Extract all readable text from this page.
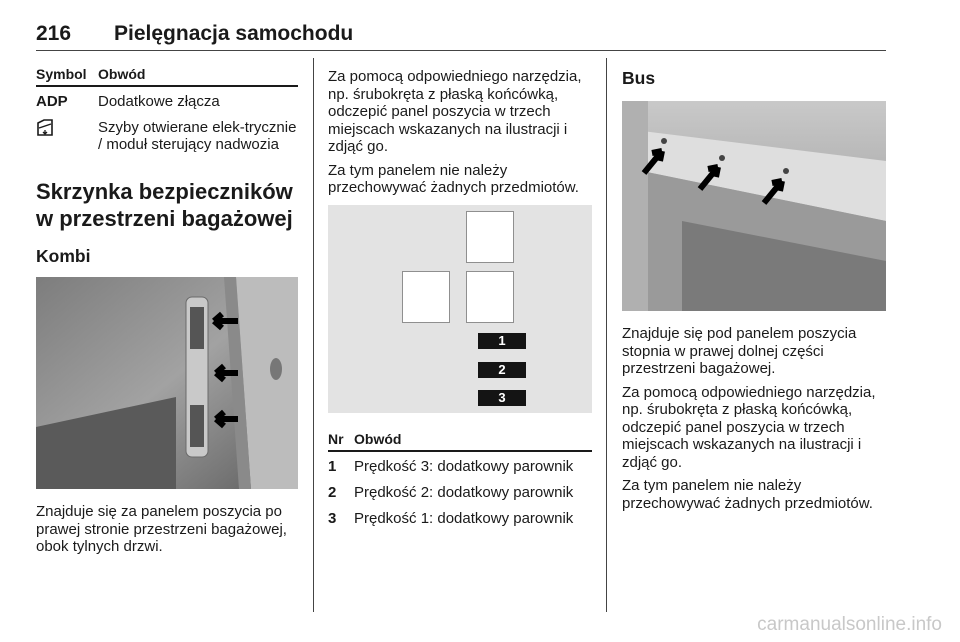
216 Pielęgnacja samochodu
Symbol	Obwód
ADP	Dodatkowe złącza
	Szyby otwierane elek-trycznie / moduł sterujący nadwozia
Skrzynka bezpieczników w przestrzeni bagażowej
Kombi

Znajduje się za panelem poszycia po prawej stronie przestrzeni bagażowej, obok tylnych drzwi.

Za pomocą odpowiedniego narzędzia, np. śrubokręta z płaską końcówką, odczepić panel poszycia w trzech miejscach wskazanych na ilustracji i zdjąć go.

Za tym panelem nie należy przechowywać żadnych przedmiotów.

1
2
3
Nr	Obwód
1	Prędkość 3: dodatkowy parownik
2	Prędkość 2: dodatkowy parownik
3	Prędkość 1: dodatkowy parownik
Bus

Znajduje się pod panelem poszycia stopnia w prawej dolnej części przestrzeni bagażowej.

Za pomocą odpowiedniego narzędzia, np. śrubokręta z płaską końcówką, odczepić panel poszycia w trzech miejscach wskazanych na ilustracji i zdjąć go.

Za tym panelem nie należy przechowywać żadnych przedmiotów.

carmanualsonline.info
